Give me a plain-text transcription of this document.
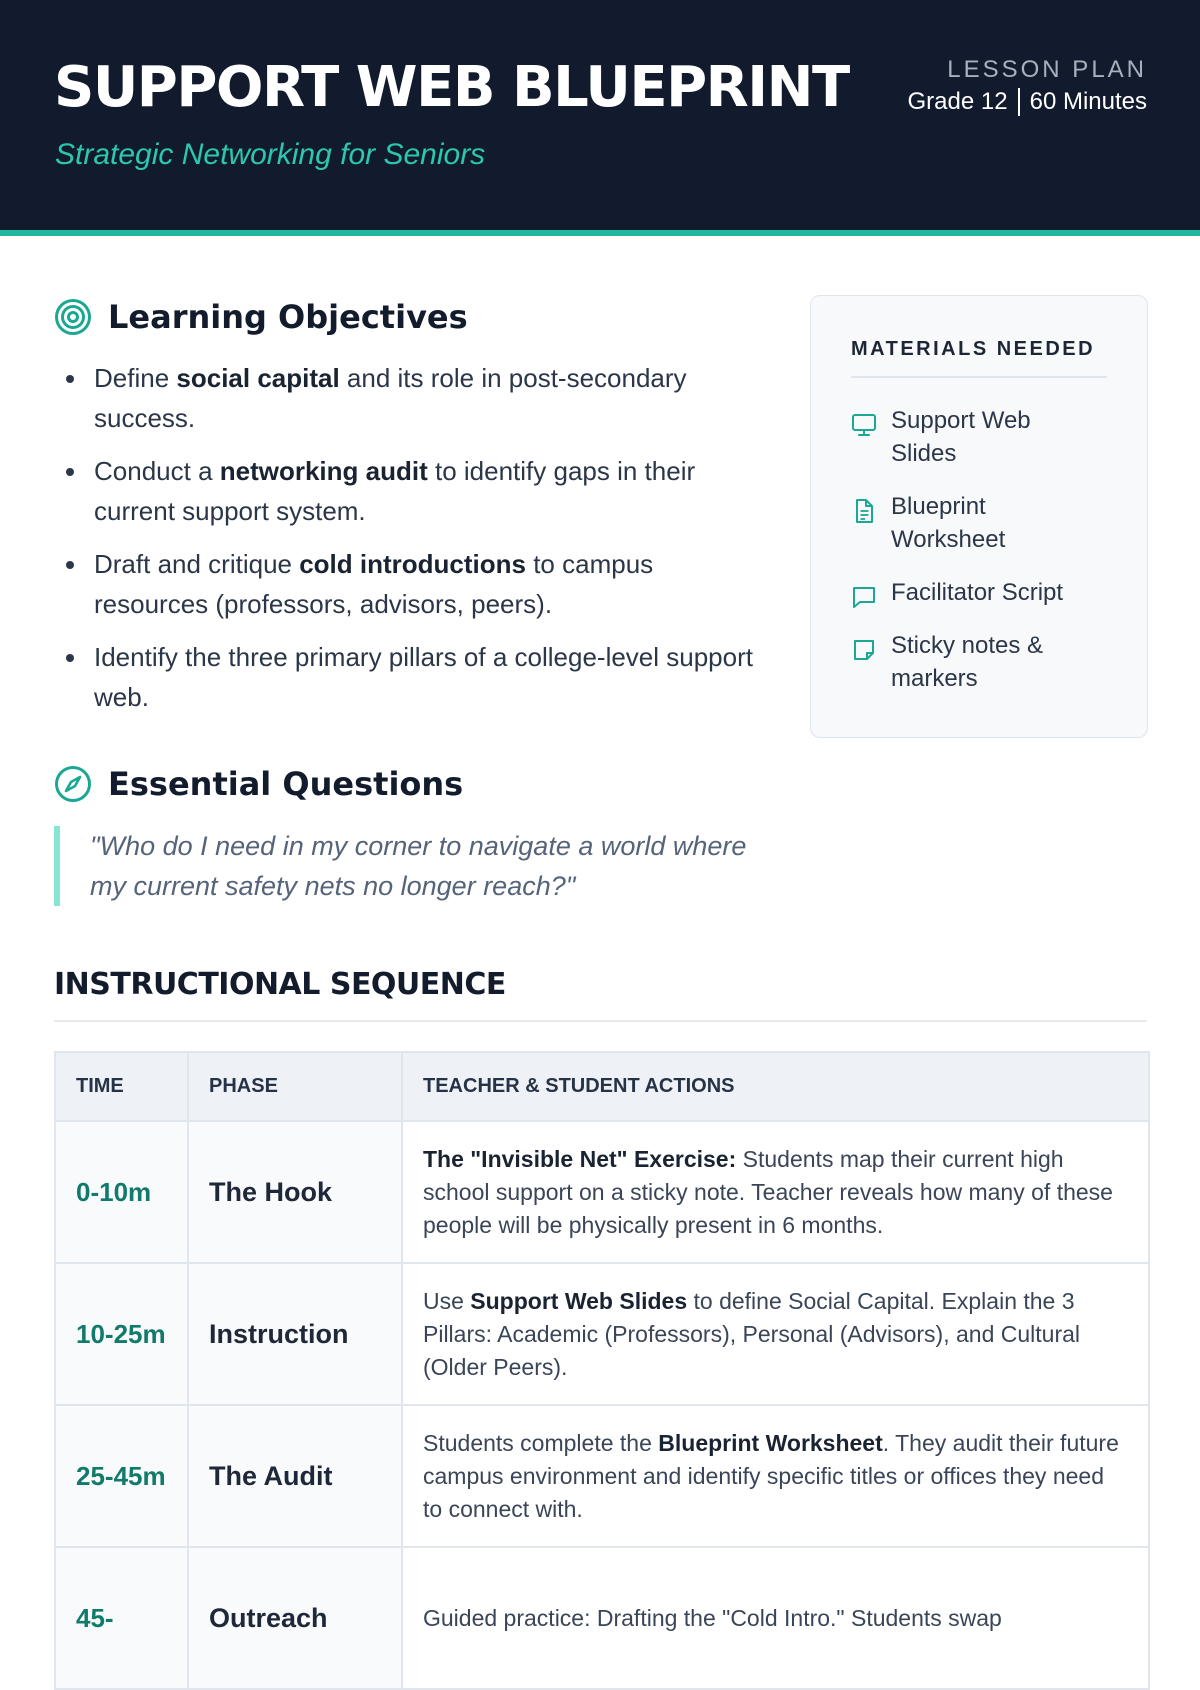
SUPPORT WEB BLUEPRINT
Strategic Networking for Seniors
LESSON PLAN
Grade 12 60 Minutes
Learning Objectives
Define social capital and its role in post-secondary success.
Conduct a networking audit to identify gaps in their current support system.
Draft and critique cold introductions to campus resources (professors, advisors, peers).
Identify the three primary pillars of a college-level support web.
Essential Questions

"Who do I need in my corner to navigate a world where my current safety nets no longer reach?"

MATERIALS NEEDED
Support Web Slides
Blueprint Worksheet
Facilitator Script
Sticky notes & markers
INSTRUCTIONAL SEQUENCE
TIME	PHASE	TEACHER & STUDENT ACTIONS
0-10m	The Hook	The "Invisible Net" Exercise: Students map their current high school support on a sticky note. Teacher reveals how many of these people will be physically present in 6 months.
10-25m	Instruction	Use Support Web Slides to define Social Capital. Explain the 3 Pillars: Academic (Professors), Personal (Advisors), and Cultural (Older Peers).
25-45m	The Audit	Students complete the Blueprint Worksheet. They audit their future campus environment and identify specific titles or offices they need to connect with.
45-	Outreach	Guided practice: Drafting the "Cold Intro." Students swap
